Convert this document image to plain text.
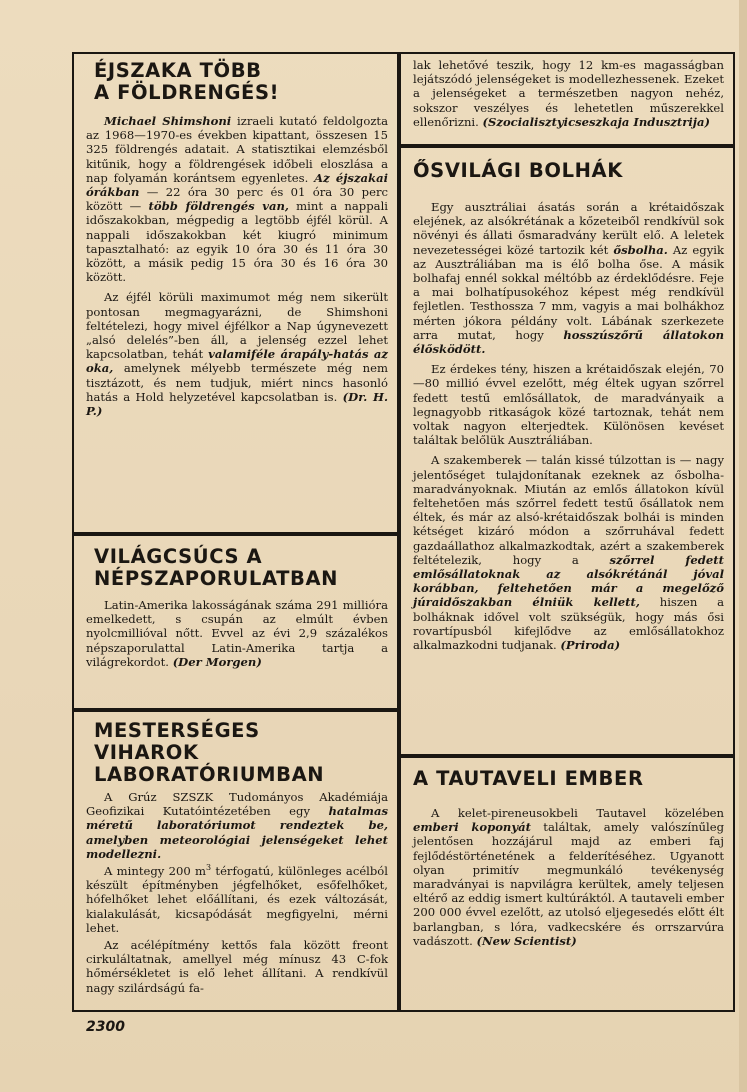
ÉJSZAKA TÖBB
A FÖLDRENGÉS!

Michael Shimshoni izraeli kutató feldolgozta az 1968—1970-es években kipattant, összesen 15 325 földrengés adatait. A statisztikai elemzésből kitűnik, hogy a földrengések időbeli eloszlása a nap folyamán korántsem egyenletes. Az éjszakai órákban — 22 óra 30 perc és 01 óra 30 perc között — több földrengés van, mint a nappali időszakokban, mégpedig a legtöbb éjfél körül. A nappali időszakokban két kiugró minimum tapasztalható: az egyik 10 óra 30 és 11 óra 30 között, a másik pedig 15 óra 30 és 16 óra 30 között.

Az éjfél körüli maximumot még nem sikerült pontosan megmagyarázni, de Shimshoni feltételezi, hogy mivel éjfélkor a Nap úgynevezett „alsó delelés”-ben áll, a jelenség ezzel lehet kapcsolatban, tehát valamiféle árapály-hatás az oka, amelynek mélyebb természete még nem tisztázott, és nem tudjuk, miért nincs hasonló hatás a Hold helyzetével kapcsolatban is. (Dr. H. P.)

VILÁGCSÚCS A
NÉPSZAPORULATBAN

Latin-Amerika lakosságának száma 291 millióra emelkedett, s csupán az elmúlt évben nyolcmillióval nőtt. Evvel az évi 2,9 százalékos népszaporulattal Latin-Amerika tartja a világrekordot. (Der Morgen)

MESTERSÉGES
VIHAROK
LABORATÓRIUMBAN

A Grúz SZSZK Tudományos Akadémiája Geofizikai Kutatóintézetében egy hatalmas méretű laboratóriumot rendeztek be, amelyben meteorológiai jelenségeket lehet modellezni.

A mintegy 200 $m^3$ térfogatú, különleges acélból készült építményben jégfelhőket, esőfelhőket, hófelhőket lehet előállítani, és ezek változását, kialakulását, kicsapódását megfigyelni, mérni lehet.

Az acélépítmény kettős fala között freont cirkuláltatnak, amellyel még mínusz 43 C-fok hőmérsékletet is elő lehet állítani. A rendkívül nagy szilárdságú fa-

lak lehetővé teszik, hogy 12 km-es magasságban lejátszódó jelenségeket is modellezhessenek. Ezeket a jelenségeket a természetben nagyon nehéz, sokszor veszélyes és lehetetlen műszerekkel ellenőrizni. (Szocialisztyicseszkaja Indusztrija)

ŐSVILÁGI BOLHÁK

Egy ausztráliai ásatás során a krétaidőszak elejének, az alsókrétának a kőzeteiből rendkívül sok növényi és állati ősmaradvány került elő. A leletek nevezetességei közé tartozik két ősbolha. Az egyik az Ausztráliában ma is élő bolha őse. A másik bolhafaj ennél sokkal méltóbb az érdeklődésre. Feje a mai bolhatípusokéhoz képest még rendkívül fejletlen. Testhossza 7 mm, vagyis a mai bolhákhoz mérten jókora példány volt. Lábának szerkezete arra mutat, hogy hosszúszőrű állatokon élősködött.

Ez érdekes tény, hiszen a krétaidőszak elején, 70—80 millió évvel ezelőtt, még éltek ugyan szőrrel fedett testű emlősállatok, de maradványaik a legnagyobb ritkaságok közé tartoznak, tehát nem voltak nagyon elterjedtek. Különösen kevéset találtak belőlük Ausztráliában.

A szakemberek — talán kissé túlzottan is — nagy jelentőséget tulajdonítanak ezeknek az ősbolha-maradványoknak. Miután az emlős állatokon kívül feltehetően más szőrrel fedett testű ősállatok nem éltek, és már az alsó-krétaidőszak bolhái is minden kétséget kizáró módon a szőrruhával fedett gazdaállathoz alkalmazkodtak, azért a szakemberek feltételezik, hogy a szőrrel fedett emlősállatoknak az alsókrétánál jóval korábban, feltehetően már a megelőző júraidőszakban élniük kellett, hiszen a bolháknak idővel volt szükségük, hogy más ősi rovartípusból kifejlődve az emlősállatokhoz alkalmazkodni tudjanak. (Priroda)

A TAUTAVELI EMBER

A kelet-pireneusokbeli Tautavel közelében emberi koponyát találtak, amely valószínűleg jelentősen hozzájárul majd az emberi faj fejlődéstörténetének a felderítéséhez. Ugyanott olyan primitív megmunkáló tevékenység maradványai is napvilágra kerültek, amely teljesen eltérő az eddig ismert kultúráktól. A tautaveli ember 200 000 évvel ezelőtt, az utolsó eljegesedés előtt élt barlangban, s lóra, vadkecskére és orrszarvúra vadászott. (New Scientist)

2300
